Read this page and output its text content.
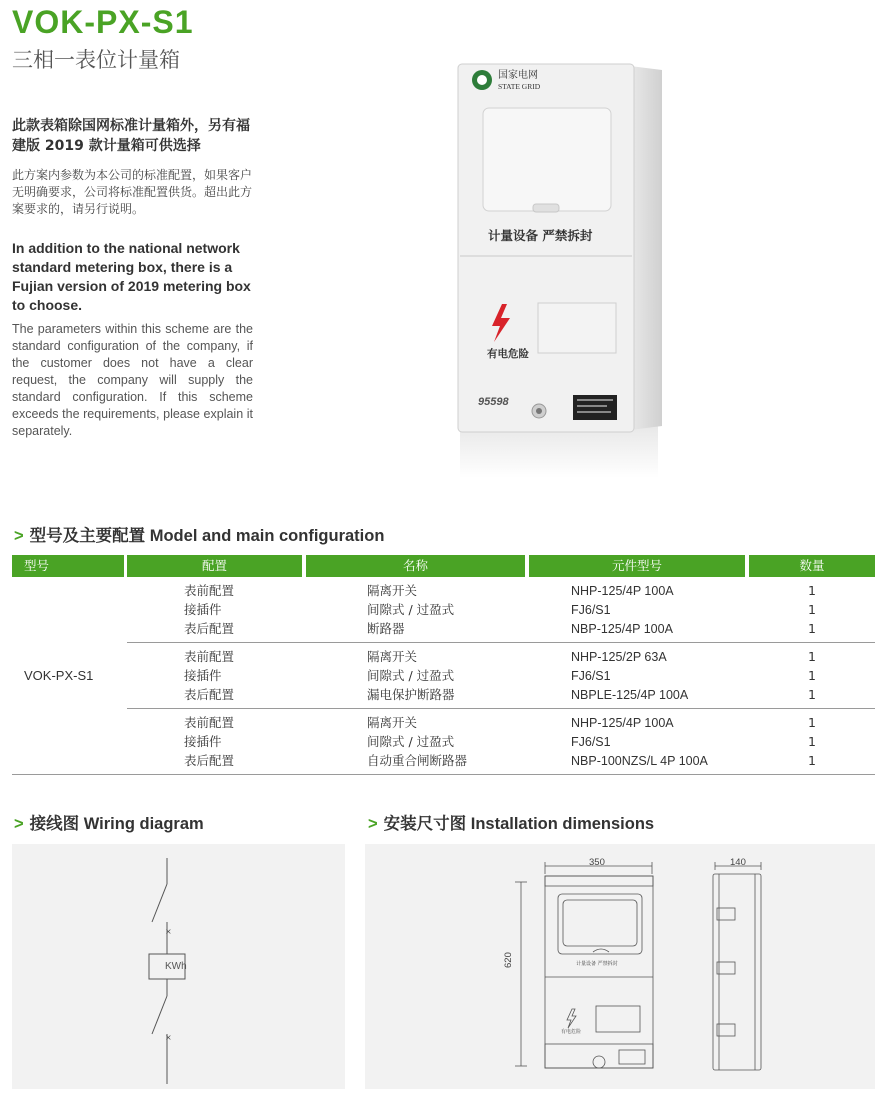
VOK-PX-S1
三相一表位计量箱
此款表箱除国网标准计量箱外，另有福建版 2019 款计量箱可供选择
此方案内参数为本公司的标准配置，如果客户无明确要求，公司将标准配置供货。超出此方案要求的，请另行说明。
In addition to the national network standard metering box, there is a Fujian version of 2019 metering box to choose.
The parameters within this scheme are the standard configuration of the company, if the customer does not have a clear request, the company will supply the standard configuration. If this scheme exceeds the requirements, please explain it separately.
国家电网
STATE GRID
计量设备 严禁拆封
有电危险
95598
> 型号及主要配置 Model and main configuration
型号	配置	名称	元件型号	数量
VOK-PX-S1
表前配置	隔离开关	NHP-125/4P 100A	1
接插件	间隙式 / 过盈式	FJ6/S1	1
表后配置	断路器	NBP-125/4P 100A	1
表前配置	隔离开关	NHP-125/2P 63A	1
接插件	间隙式 / 过盈式	FJ6/S1	1
表后配置	漏电保护断路器	NBPLE-125/4P 100A	1
表前配置	隔离开关	NHP-125/4P 100A	1
接插件	间隙式 / 过盈式	FJ6/S1	1
表后配置	自动重合闸断路器	NBP-100NZS/L 4P 100A	1
> 接线图 Wiring diagram	> 安装尺寸图 Installation dimensions
×
×
KWh
350	140
620	计量设备 严禁拆封
有电危险
